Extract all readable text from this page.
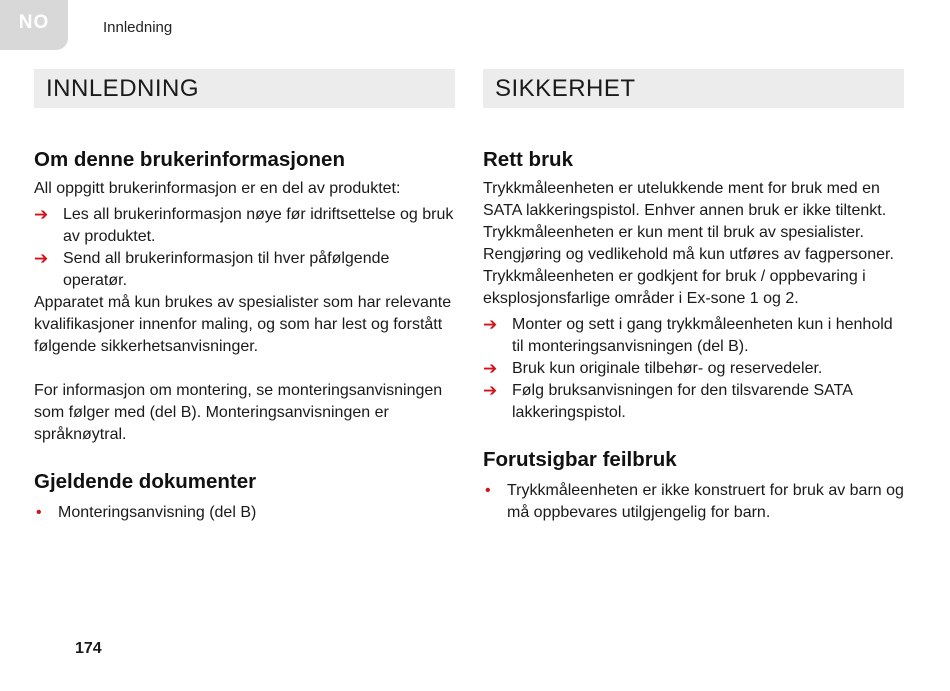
NO	Innledning
INNLEDNING
Om denne brukerinformasjonen

All oppgitt brukerinformasjon er en del av produktet:

➔ Les all brukerinformasjon nøye før idriftsettelse og bruk av produktet.
➔ Send all brukerinformasjon til hver påfølgende operatør.

Apparatet må kun brukes av spesialister som har relevante kvalifikasjoner innenfor maling, og som har lest og forstått følgende sikkerhetsanvisninger.

For informasjon om montering, se monteringsanvisningen som følger med (del B). Monteringsanvisningen er språknøytral.

Gjeldende dokumenter
• Monteringsanvisning (del B)
SIKKERHET
Rett bruk

Trykkmåleenheten er utelukkende ment for bruk med en SATA lakkeringspistol. Enhver annen bruk er ikke tiltenkt.

Trykkmåleenheten er kun ment til bruk av spesialister. Rengjøring og vedlikehold må kun utføres av fagpersoner.

Trykkmåleenheten er godkjent for bruk / oppbevaring i eksplosjonsfarlige områder i Ex-sone 1 og 2.

➔ Monter og sett i gang trykkmåleenheten kun i henhold til monteringsanvisningen (del B).
➔ Bruk kun originale tilbehør- og reservedeler.
➔ Følg bruksanvisningen for den tilsvarende SATA lakkeringspistol.
Forutsigbar feilbruk
• Trykkmåleenheten er ikke konstruert for bruk av barn og må oppbevares utilgjengelig for barn.
174
